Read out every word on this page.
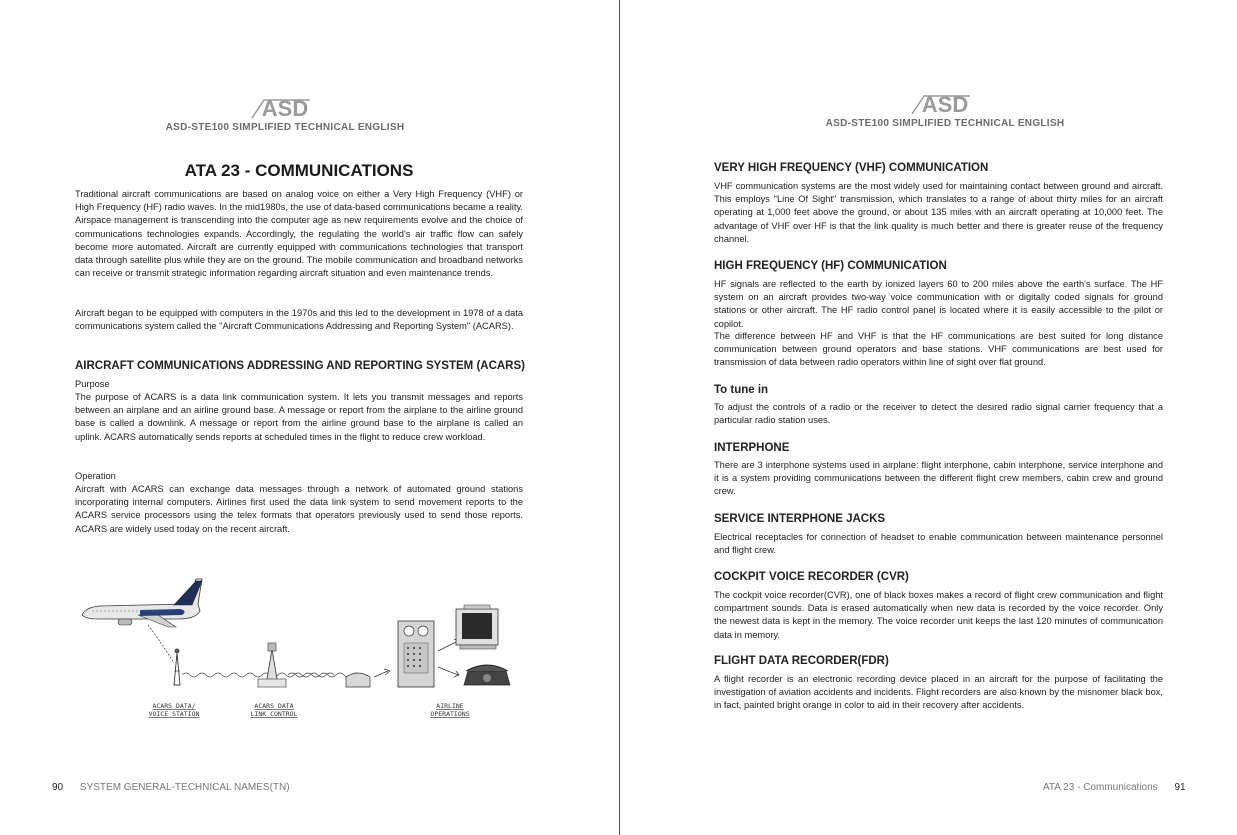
ASD
ASD-STE100 SIMPLIFIED TECHNICAL ENGLISH
ATA 23 - COMMUNICATIONS

Traditional aircraft communications are based on analog voice on either a Very High Frequency (VHF) or High Frequency (HF) radio waves. In the mid1980s, the use of data-based communications became a reality. Airspace management is transcending into the computer age as new requirements evolve and the choice of communications technologies expands. Accordingly, the regulating the world's air traffic flow can safely become more automated. Aircraft are currently equipped with communications technologies that transport data through satellite plus while they are on the ground. The mobile communication and broadband networks can receive or transmit strategic information regarding aircraft situation and even maintenance trends.

Aircraft began to be equipped with computers in the 1970s and this led to the development in 1978 of a data communications system called the "Aircraft Communications Addressing and Reporting System" (ACARS).

AIRCRAFT COMMUNICATIONS ADDRESSING AND REPORTING SYSTEM (ACARS)
Purpose

The purpose of ACARS is a data link communication system. It lets you transmit messages and reports between an airplane and an airline ground base. A message or report from the airplane to the airline ground base is called a downlink. A message or report from the airline ground base to the airplane is called an uplink. ACARS automatically sends reports at scheduled times in the flight to reduce crew workload.

Operation

Aircraft with ACARS can exchange data messages through a network of automated ground stations incorporating internal computers. Airlines first used the data link system to send movement reports to the ACARS service processors using the telex formats that operators previously used to send those reports. ACARS are widely used today on the recent aircraft.

ACARS DATA/
VOICE STATION
ACARS DATA
LINK CONTROL
AIRLINE
OPERATIONS
90 SYSTEM GENERAL-TECHNICAL NAMES(TN)
ASD
ASD-STE100 SIMPLIFIED TECHNICAL ENGLISH
VERY HIGH FREQUENCY (VHF) COMMUNICATION

VHF communication systems are the most widely used for maintaining contact between ground and aircraft. This employs "Line Of Sight" transmission, which translates to a range of about thirty miles for an aircraft operating at 1,000 feet above the ground, or about 135 miles with an aircraft operating at 10,000 feet. The advantage of VHF over HF is that the link quality is much better and there is greater reuse of the frequency channel.

HIGH FREQUENCY (HF) COMMUNICATION

HF signals are reflected to the earth by ionized layers 60 to 200 miles above the earth's surface. The HF system on an aircraft provides two-way voice communication with or digitally coded signals for ground stations or other aircraft. The HF radio control panel is located where it is easily accessible to the pilot or copilot.

The difference between HF and VHF is that the HF communications are best suited for long distance communication between ground operators and base stations. VHF communications are best used for transmission of data between radio operators within line of sight over flat ground.

To tune in

To adjust the controls of a radio or the receiver to detect the desired radio signal carrier frequency that a particular radio station uses.

INTERPHONE

There are 3 interphone systems used in airplane: flight interphone, cabin interphone, service interphone and it is a system providing communications between the different flight crew members, cabin crew and ground crew.

SERVICE INTERPHONE JACKS

Electrical receptacles for connection of headset to enable communication between maintenance personnel and flight crew.

COCKPIT VOICE RECORDER (CVR)

The cockpit voice recorder(CVR), one of black boxes makes a record of flight crew communication and flight compartment sounds. Data is erased automatically when new data is recorded by the voice recorder. Only the newest data is kept in the memory. The voice recorder unit keeps the last 120 minutes of communication data in memory.

FLIGHT DATA RECORDER(FDR)

A flight recorder is an electronic recording device placed in an aircraft for the purpose of facilitating the investigation of aviation accidents and incidents. Flight recorders are also known by the misnomer black box, in fact, painted bright orange in color to aid in their recovery after accidents.

ATA 23 - Communications 91
